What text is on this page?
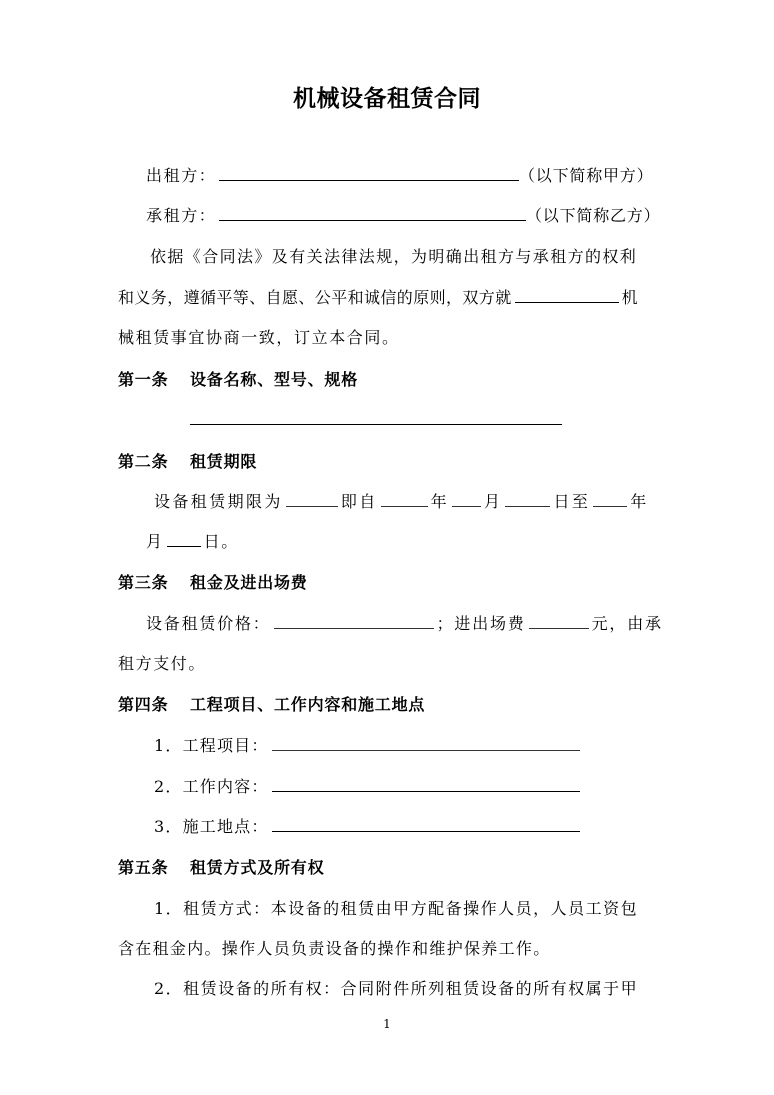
机械设备租赁合同
出租方：	（以下简称甲方）
承租方：	（以下简称乙方）
依据《合同法》及有关法律法规，为明确出租方与承租方的权利
和义务，遵循平等、自愿、公平和诚信的原则，双方就	机
械租赁事宜协商一致，订立本合同。
第一条 设备名称、型号、规格
第二条 租赁期限
设备租赁期限为	即自	年 月	日至	年
月	日。
第三条 租金及进出场费
设备租赁价格：	；进出场费	元，由承
租方支付。
第四条 工程项目、工作内容和施工地点
1．工程项目：
2．工作内容：
3．施工地点：
第五条 租赁方式及所有权
1．租赁方式：本设备的租赁由甲方配备操作人员，人员工资包
含在租金内。操作人员负责设备的操作和维护保养工作。
2．租赁设备的所有权：合同附件所列租赁设备的所有权属于甲
1
